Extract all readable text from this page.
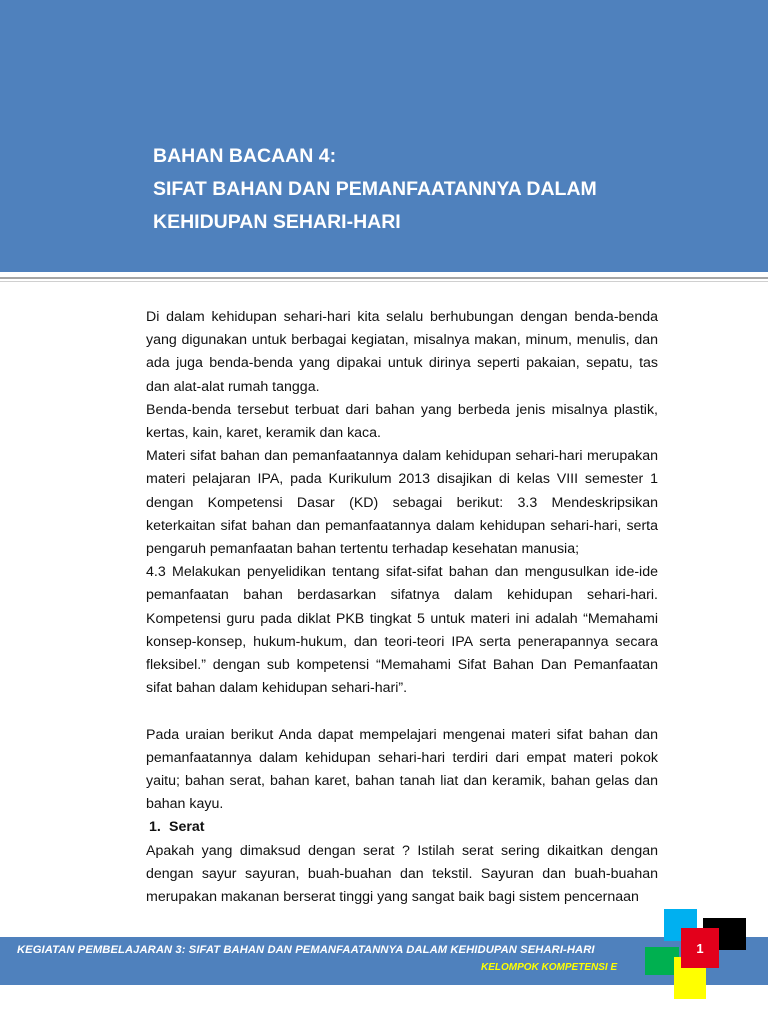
BAHAN BACAAN 4:
SIFAT BAHAN DAN PEMANFAATANNYA DALAM
KEHIDUPAN SEHARI-HARI

Di dalam kehidupan sehari-hari kita selalu berhubungan dengan benda-benda yang digunakan untuk berbagai kegiatan, misalnya makan, minum, menulis, dan ada juga benda-benda yang dipakai untuk dirinya seperti pakaian, sepatu, tas dan alat-alat rumah tangga.

Benda-benda tersebut terbuat dari bahan yang berbeda jenis misalnya plastik, kertas, kain, karet, keramik dan kaca.

Materi sifat bahan dan pemanfaatannya dalam kehidupan sehari-hari merupakan materi pelajaran IPA, pada Kurikulum 2013 disajikan di kelas VIII semester 1 dengan Kompetensi Dasar (KD) sebagai berikut: 3.3 Mendeskripsikan keterkaitan sifat bahan dan pemanfaatannya dalam kehidupan sehari-hari, serta pengaruh pemanfaatan bahan tertentu terhadap kesehatan manusia;

4.3 Melakukan penyelidikan tentang sifat-sifat bahan dan mengusulkan ide-ide pemanfaatan bahan berdasarkan sifatnya dalam kehidupan sehari-hari. Kompetensi guru pada diklat PKB tingkat 5 untuk materi ini adalah “Memahami konsep-konsep, hukum-hukum, dan teori-teori IPA serta penerapannya secara fleksibel.” dengan sub kompetensi “Memahami Sifat Bahan Dan Pemanfaatan sifat bahan dalam kehidupan sehari-hari”.

Pada uraian berikut Anda dapat mempelajari mengenai materi sifat bahan dan pemanfaatannya dalam kehidupan sehari-hari terdiri dari empat materi pokok yaitu; bahan serat, bahan karet, bahan tanah liat dan keramik, bahan gelas dan bahan kayu.

1. Serat

Apakah yang dimaksud dengan serat ? Istilah serat sering dikaitkan dengan dengan sayur sayuran, buah-buahan dan tekstil. Sayuran dan buah-buahan merupakan makanan berserat tinggi yang sangat baik bagi sistem pencernaan

KEGIATAN PEMBELAJARAN 3: SIFAT BAHAN DAN PEMANFAATANNYA DALAM KEHIDUPAN SEHARI-HARI
KELOMPOK KOMPETENSI E
1
